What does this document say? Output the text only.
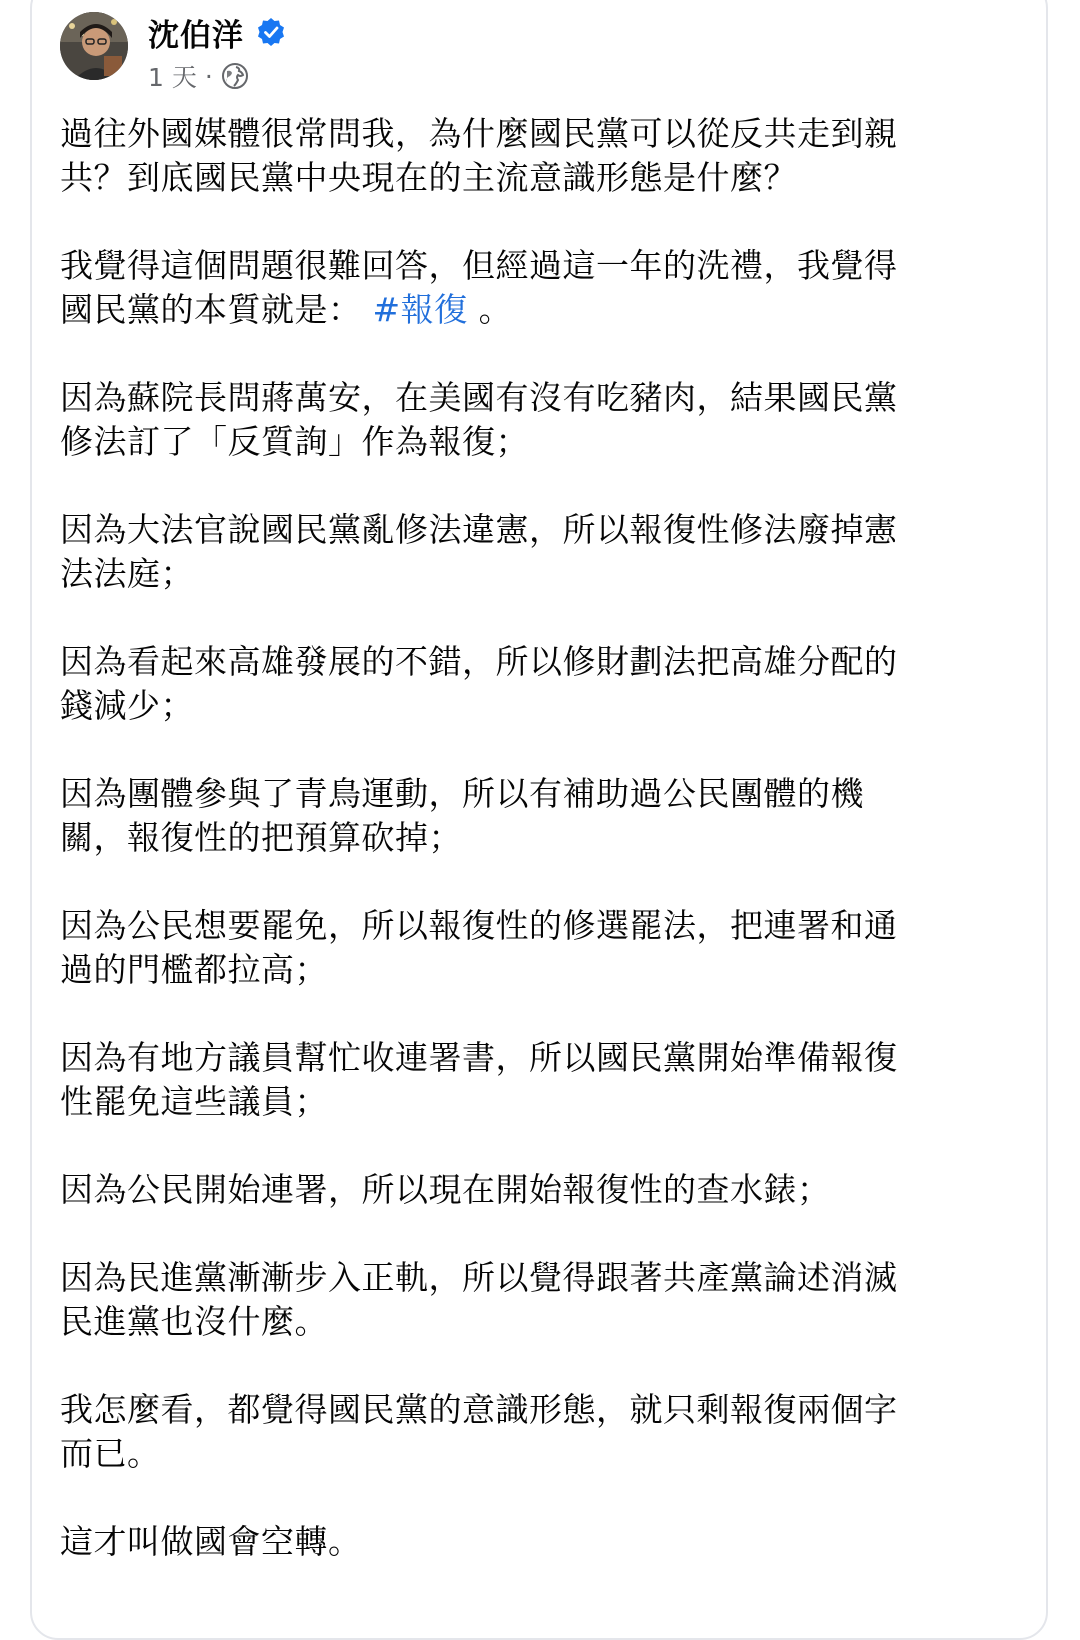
沈伯洋
1 天 ·

過往外國媒體很常問我，為什麼國民黨可以從反共走到親
共？到底國民黨中央現在的主流意識形態是什麼？

我覺得這個問題很難回答，但經過這一年的洗禮，我覺得
國民黨的本質就是： #報復 。

因為蘇院長問蔣萬安，在美國有沒有吃豬肉，結果國民黨
修法訂了「反質詢」作為報復；

因為大法官說國民黨亂修法違憲，所以報復性修法廢掉憲
法法庭；

因為看起來高雄發展的不錯，所以修財劃法把高雄分配的
錢減少；

因為團體參與了青鳥運動，所以有補助過公民團體的機
關，報復性的把預算砍掉；

因為公民想要罷免，所以報復性的修選罷法，把連署和通
過的門檻都拉高；

因為有地方議員幫忙收連署書，所以國民黨開始準備報復
性罷免這些議員；

因為公民開始連署，所以現在開始報復性的查水錶；

因為民進黨漸漸步入正軌，所以覺得跟著共產黨論述消滅
民進黨也沒什麼。

我怎麼看，都覺得國民黨的意識形態，就只剩報復兩個字
而已。

這才叫做國會空轉。
